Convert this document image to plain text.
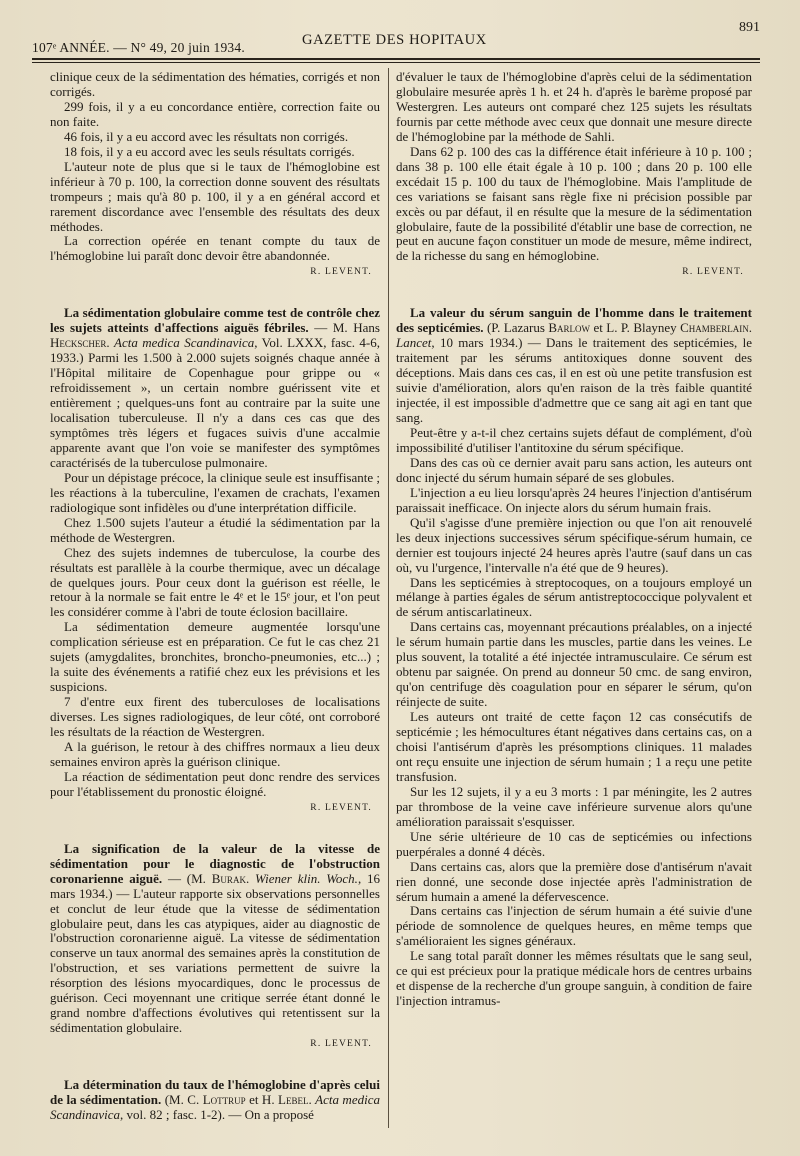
107ᵉ ANNÉE. — N° 49, 20 juin 1934.	GAZETTE DES HOPITAUX
891

clinique ceux de la sédimentation des hématies, corrigés et non corrigés.

299 fois, il y a eu concordance entière, correction faite ou non faite.

46 fois, il y a eu accord avec les résultats non corrigés.

18 fois, il y a eu accord avec les seuls résultats corrigés.

L'auteur note de plus que si le taux de l'hémoglobine est inférieur à 70 p. 100, la correction donne souvent des résultats trompeurs ; mais qu'à 80 p. 100, il y a en général accord et rarement discordance avec l'ensemble des résultats des deux méthodes.

La correction opérée en tenant compte du taux de l'hémoglobine lui paraît donc devoir être abandonnée.

R. LEVENT.

La sédimentation globulaire comme test de contrôle chez les sujets atteints d'affections aiguës fébriles. — M. Hans Heckscher. Acta medica Scandinavica, Vol. LXXX, fasc. 4-6, 1933.) Parmi les 1.500 à 2.000 sujets soignés chaque année à l'Hôpital militaire de Copenhague pour grippe ou « refroidissement », un certain nombre guérissent vite et entièrement ; quelques-uns font au contraire par la suite une localisation tuberculeuse. Il n'y a dans ces cas que des symptômes très légers et fugaces suivis d'une accalmie apparente avant que l'on voie se manifester des symptômes caractérisés de la tuberculose pulmonaire.

Pour un dépistage précoce, la clinique seule est insuffisante ; les réactions à la tuberculine, l'examen de crachats, l'examen radiologique sont infidèles ou d'une interprétation difficile.

Chez 1.500 sujets l'auteur a étudié la sédimentation par la méthode de Westergren.

Chez des sujets indemnes de tuberculose, la courbe des résultats est parallèle à la courbe thermique, avec un décalage de quelques jours. Pour ceux dont la guérison est réelle, le retour à la normale se fait entre le 4ᵉ et le 15ᵉ jour, et l'on peut les considérer comme à l'abri de toute éclosion bacillaire.

La sédimentation demeure augmentée lorsqu'une complication sérieuse est en préparation. Ce fut le cas chez 21 sujets (amygdalites, bronchites, broncho-pneumonies, etc...) ; la suite des événements a ratifié chez eux les prévisions et les suspicions.

7 d'entre eux firent des tuberculoses de localisations diverses. Les signes radiologiques, de leur côté, ont corroboré les résultats de la réaction de Westergren.

A la guérison, le retour à des chiffres normaux a lieu deux semaines environ après la guérison clinique.

La réaction de sédimentation peut donc rendre des services pour l'établissement du pronostic éloigné.

R. LEVENT.

La signification de la valeur de la vitesse de sédimentation pour le diagnostic de l'obstruction coronarienne aiguë. — (M. Burak. Wiener klin. Woch., 16 mars 1934.) — L'auteur rapporte six observations personnelles et conclut de leur étude que la vitesse de sédimentation globulaire peut, dans les cas atypiques, aider au diagnostic de l'obstruction coronarienne aiguë. La vitesse de sédimentation conserve un taux anormal des semaines après la constitution de l'obstruction, et ses variations permettent de suivre la résorption des lésions myocardiques, donc le processus de guérison. Ceci moyennant une critique serrée étant donné le grand nombre d'affections évolutives qui retentissent sur la sédimentation globulaire.

R. LEVENT.

La détermination du taux de l'hémoglobine d'après celui de la sédimentation. (M. C. Lottrup et H. Lebel. Acta medica Scandinavica, vol. 82 ; fasc. 1-2). — On a proposé

d'évaluer le taux de l'hémoglobine d'après celui de la sédimentation globulaire mesurée après 1 h. et 24 h. d'après le barème proposé par Westergren. Les auteurs ont comparé chez 125 sujets les résultats fournis par cette méthode avec ceux que donnait une mesure directe de l'hémoglobine par la méthode de Sahli.

Dans 62 p. 100 des cas la différence était inférieure à 10 p. 100 ; dans 38 p. 100 elle était égale à 10 p. 100 ; dans 20 p. 100 elle excédait 15 p. 100 du taux de l'hémoglobine. Mais l'amplitude de ces variations se faisant sans règle fixe ni précision possible par excès ou par défaut, il en résulte que la mesure de la sédimentation globulaire, faute de la possibilité d'établir une base de correction, ne peut en aucune façon constituer un mode de mesure, même indirect, de la richesse du sang en hémoglobine.

R. LEVENT.

La valeur du sérum sanguin de l'homme dans le traitement des septicémies. (P. Lazarus Barlow et L. P. Blayney Chamberlain. Lancet, 10 mars 1934.) — Dans le traitement des septicémies, le traitement par les sérums antitoxiques donne souvent des déceptions. Mais dans ces cas, il en est où une petite transfusion est suivie d'amélioration, alors qu'en raison de la très faible quantité injectée, il est impossible d'admettre que ce sang ait agi en tant que sang.

Peut-être y a-t-il chez certains sujets défaut de complément, d'où impossibilité d'utiliser l'antitoxine du sérum spécifique.

Dans des cas où ce dernier avait paru sans action, les auteurs ont donc injecté du sérum humain séparé de ses globules.

L'injection a eu lieu lorsqu'après 24 heures l'injection d'antisérum paraissait inefficace. On injecte alors du sérum humain frais.

Qu'il s'agisse d'une première injection ou que l'on ait renouvelé les deux injections successives sérum spécifique-sérum humain, ce dernier est toujours injecté 24 heures après l'autre (sauf dans un cas où, vu l'urgence, l'intervalle n'a été que de 9 heures).

Dans les septicémies à streptocoques, on a toujours employé un mélange à parties égales de sérum antistreptococcique polyvalent et de sérum antiscarlatineux.

Dans certains cas, moyennant précautions préalables, on a injecté le sérum humain partie dans les muscles, partie dans les veines. Le plus souvent, la totalité a été injectée intramusculaire. Ce sérum est obtenu par saignée. On prend au donneur 50 cmc. de sang environ, qu'on centrifuge dès coagulation pour en séparer le sérum, qu'on réinjecte de suite.

Les auteurs ont traité de cette façon 12 cas consécutifs de septicémie ; les hémocultures étant négatives dans certains cas, on a choisi l'antisérum d'après les présomptions cliniques. 11 malades ont reçu ensuite une injection de sérum humain ; 1 a reçu une petite transfusion.

Sur les 12 sujets, il y a eu 3 morts : 1 par méningite, les 2 autres par thrombose de la veine cave inférieure survenue alors qu'une amélioration paraissait s'esquisser.

Une série ultérieure de 10 cas de septicémies ou infections puerpérales a donné 4 décès.

Dans certains cas, alors que la première dose d'antisérum n'avait rien donné, une seconde dose injectée après l'administration de sérum humain a amené la défervescence.

Dans certains cas l'injection de sérum humain a été suivie d'une période de somnolence de quelques heures, en même temps que s'amélioraient les signes généraux.

Le sang total paraît donner les mêmes résultats que le sang seul, ce qui est précieux pour la pratique médicale hors de centres urbains et dispense de la recherche d'un groupe sanguin, à condition de faire l'injection intramus-
